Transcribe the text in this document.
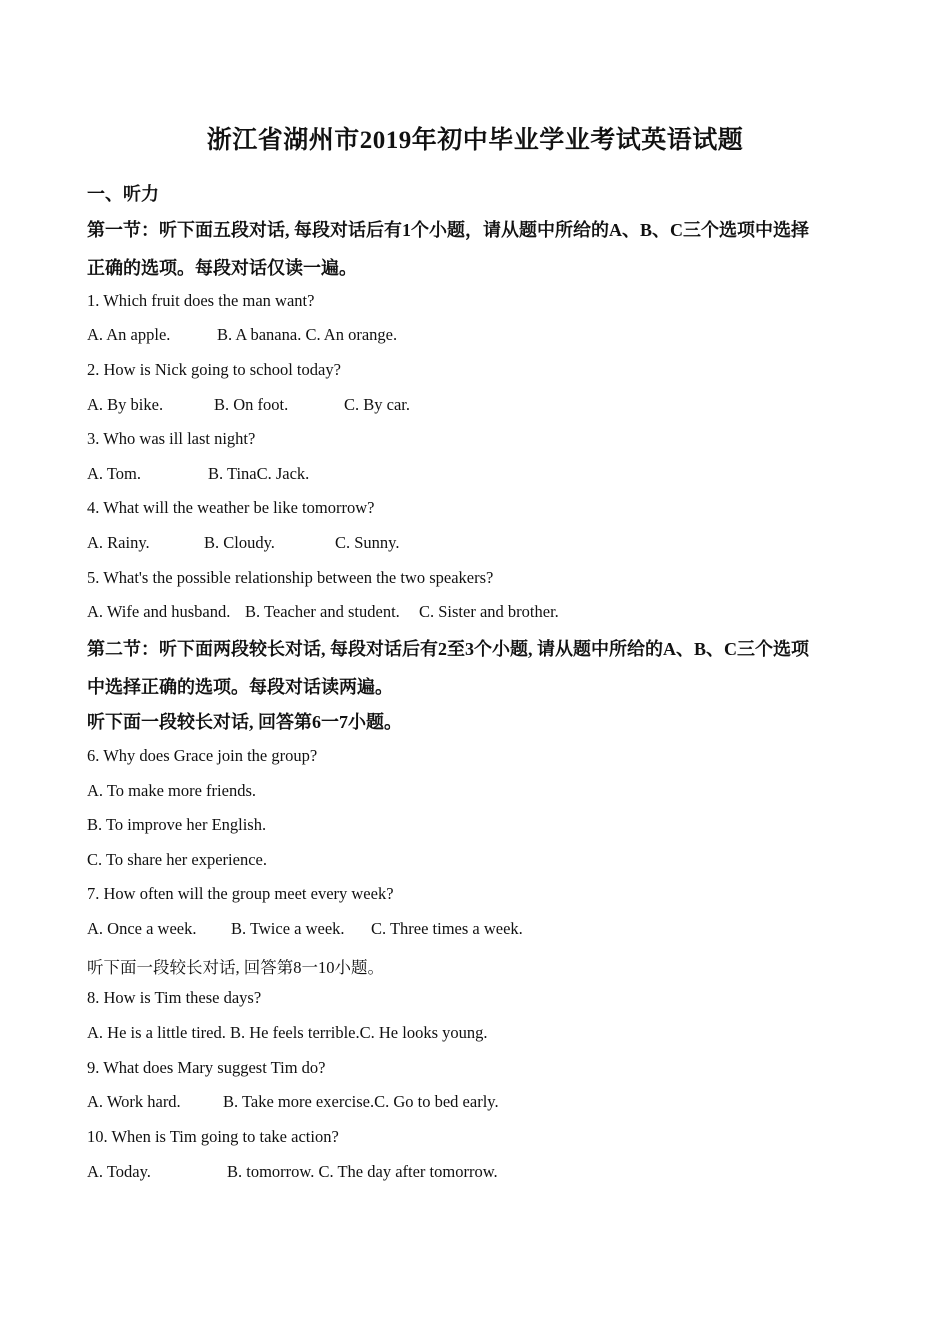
浙江省湖州市2019年初中毕业学业考试英语试题
一、听力
第一节：听下面五段对话, 每段对话后有1个小题，请从题中所给的A、B、C三个选项中选择
正确的选项。每段对话仅读一遍。
1. Which fruit does the man want?
A. An apple.	B. A banana. C. An orange.
2. How is Nick going to school today?
A. By bike.	B. On foot.	C. By car.
3. Who was ill last night?
A. Tom.	B. TinaC. Jack.
4. What will the weather be like tomorrow?
A. Rainy.	B. Cloudy.	C. Sunny.
5. What's the possible relationship between the two speakers?
A. Wife and husband. B. Teacher and student. C. Sister and brother.
第二节：听下面两段较长对话, 每段对话后有2至3个小题, 请从题中所给的A、B、C三个选项
中选择正确的选项。每段对话读两遍。
听下面一段较长对话, 回答第6一7小题。
6. Why does Grace join the group?
A. To make more friends.
B. To improve her English.
C. To share her experience.
7. How often will the group meet every week?
A. Once a week. B. Twice a week. C. Three times a week.
听下面一段较长对话, 回答第8一10小题。
8. How is Tim these days?
A. He is a little tired. B. He feels terrible.C. He looks young.
9. What does Mary suggest Tim do?
A. Work hard.	B. Take more exercise.C. Go to bed early.
10. When is Tim going to take action?
A. Today.	B. tomorrow. C. The day after tomorrow.
